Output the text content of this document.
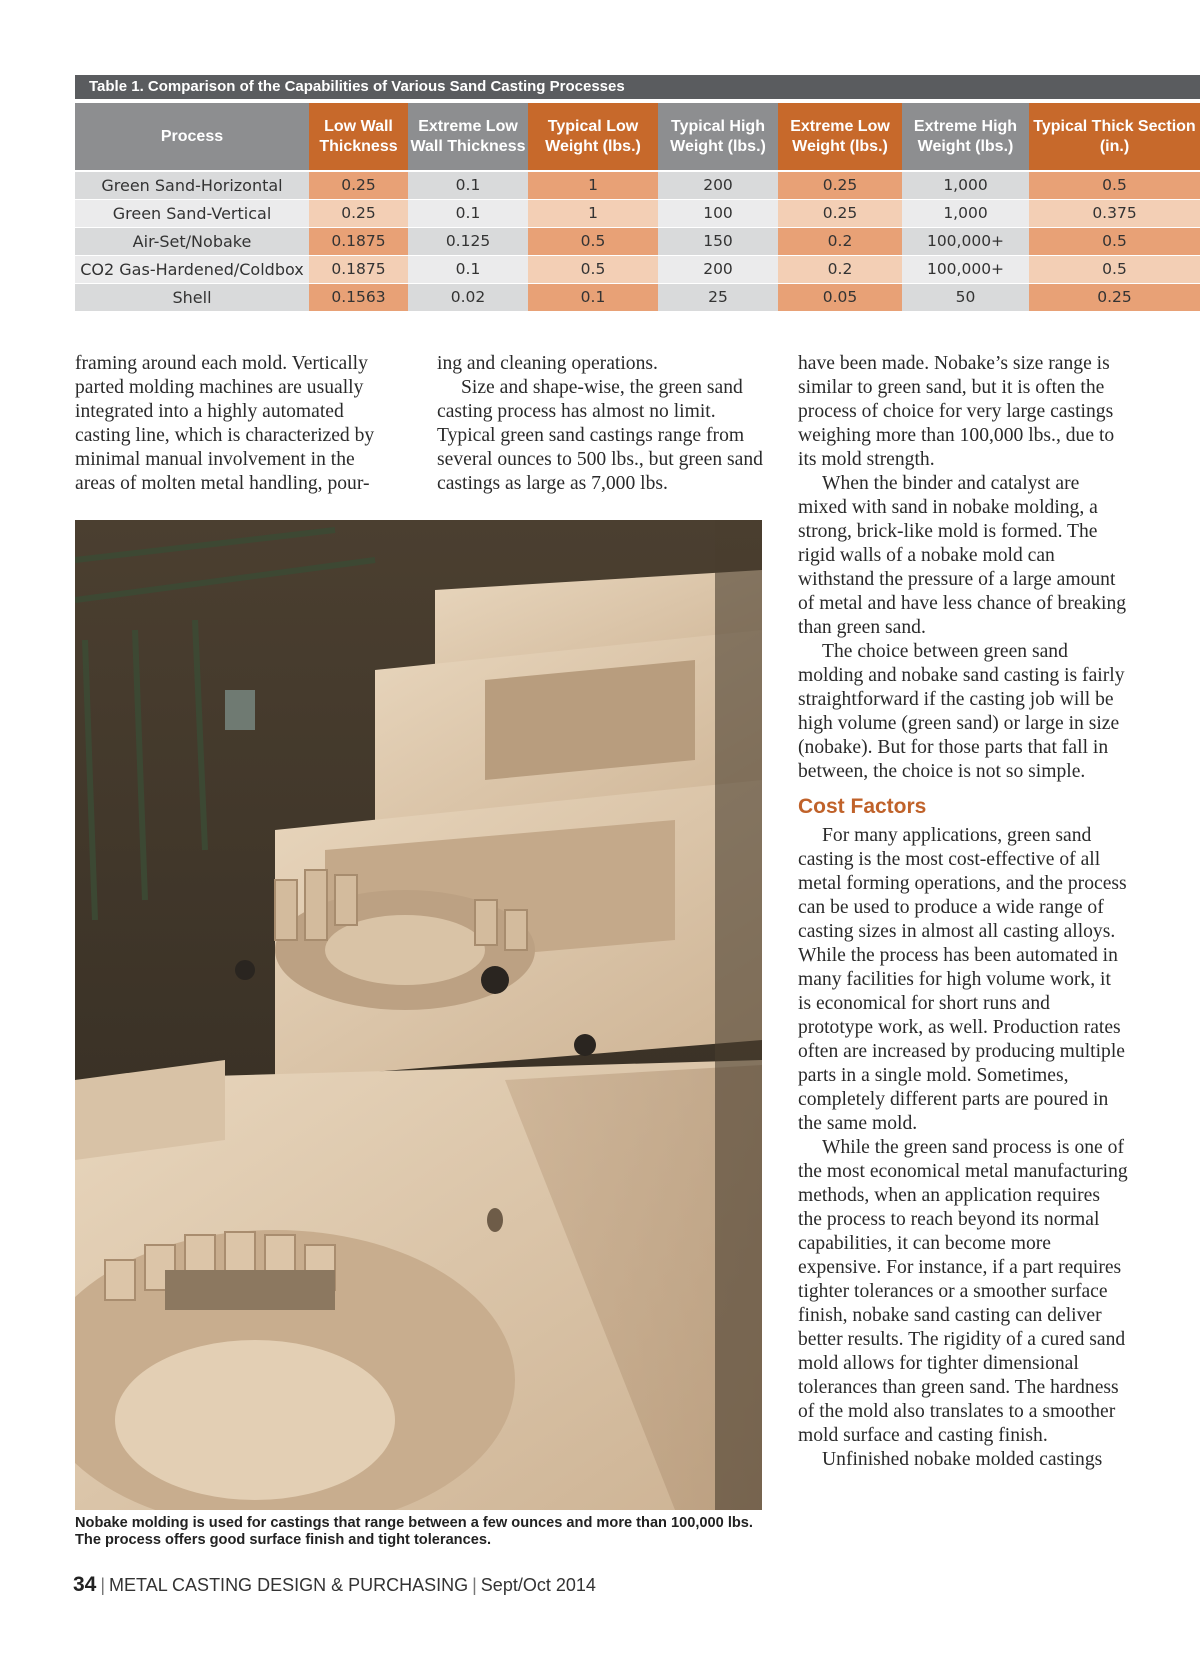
Table 1. Comparison of the Capabilities of Various Sand Casting Processes
Process	Low Wall Thickness	Extreme Low Wall Thickness	Typical Low Weight (lbs.)	Typical High Weight (lbs.)	Extreme Low Weight (lbs.)	Extreme High Weight (lbs.)	Typical Thick Section (in.)
Green Sand-Horizontal	0.25	0.1	1	200	0.25	1,000	0.5
Green Sand-Vertical	0.25	0.1	1	100	0.25	1,000	0.375
Air-Set/Nobake	0.1875	0.125	0.5	150	0.2	100,000+	0.5
CO2 Gas-Hardened/Coldbox	0.1875	0.1	0.5	200	0.2	100,000+	0.5
Shell	0.1563	0.02	0.1	25	0.05	50	0.25

framing around each mold. Vertically parted molding machines are usually integrated into a highly automated casting line, which is characterized by minimal manual involvement in the areas of molten metal handling, pour-

ing and cleaning operations.

Size and shape-wise, the green sand casting process has almost no limit. Typical green sand castings range from several ounces to 500 lbs., but green sand castings as large as 7,000 lbs.

have been made. Nobake’s size range is similar to green sand, but it is often the process of choice for very large castings weighing more than 100,000 lbs., due to its mold strength.

When the binder and catalyst are mixed with sand in nobake molding, a strong, brick-like mold is formed. The rigid walls of a nobake mold can withstand the pressure of a large amount of metal and have less chance of breaking than green sand.

The choice between green sand molding and nobake sand casting is fairly straightforward if the casting job will be high volume (green sand) or large in size (nobake). But for those parts that fall in between, the choice is not so simple.

Cost Factors

For many applications, green sand casting is the most cost-effective of all metal forming operations, and the process can be used to produce a wide range of casting sizes in almost all casting alloys. While the process has been automated in many facilities for high volume work, it is economical for short runs and prototype work, as well. Production rates often are increased by producing multiple parts in a single mold. Sometimes, completely different parts are poured in the same mold.

While the green sand process is one of the most economical metal manufacturing methods, when an application requires the process to reach beyond its normal capabilities, it can become more expensive. For instance, if a part requires tighter tolerances or a smoother surface finish, nobake sand casting can deliver better results. The rigidity of a cured sand mold allows for tighter dimensional tolerances than green sand. The hardness of the mold also translates to a smoother mold surface and casting finish.

Unfinished nobake molded castings

Nobake molding is used for castings that range between a few ounces and more than 100,000 lbs. The process offers good surface finish and tight tolerances.
34 | METAL CASTING DESIGN & PURCHASING | Sept/Oct 2014
